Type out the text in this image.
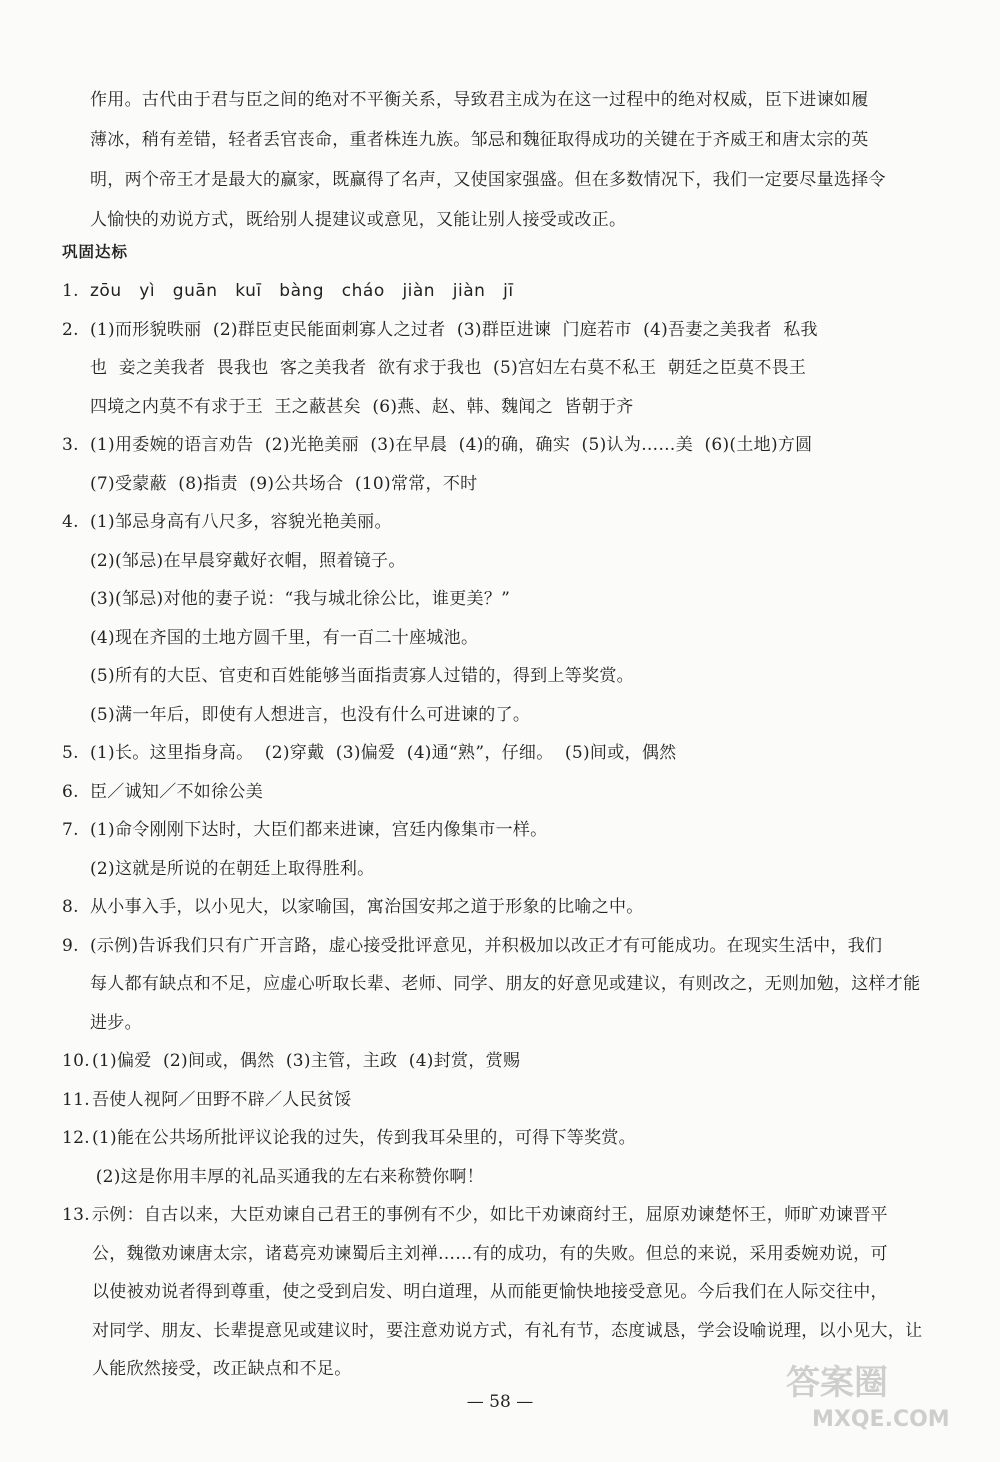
作用。古代由于君与臣之间的绝对不平衡关系，导致君主成为在这一过程中的绝对权威，臣下进谏如履

薄冰，稍有差错，轻者丢官丧命，重者株连九族。邹忌和魏征取得成功的关键在于齐威王和唐太宗的英

明，两个帝王才是最大的赢家，既赢得了名声，又使国家强盛。但在多数情况下，我们一定要尽量选择令

人愉快的劝说方式，既给别人提建议或意见，又能让别人接受或改正。

巩固达标
1. zōu   yì   guān   kuī   bàng   cháo   jiàn   jiàn   jī
2. (1)而形貌昳丽  (2)群臣吏民能面刺寡人之过者  (3)群臣进谏  门庭若市  (4)吾妻之美我者  私我
也  妾之美我者  畏我也  客之美我者  欲有求于我也  (5)宫妇左右莫不私王  朝廷之臣莫不畏王
四境之内莫不有求于王  王之蔽甚矣  (6)燕、赵、韩、魏闻之  皆朝于齐
3. (1)用委婉的语言劝告  (2)光艳美丽  (3)在早晨  (4)的确，确实  (5)认为……美  (6)(土地)方圆
(7)受蒙蔽  (8)指责  (9)公共场合  (10)常常，不时
4. (1)邹忌身高有八尺多，容貌光艳美丽。
(2)(邹忌)在早晨穿戴好衣帽，照着镜子。
(3)(邹忌)对他的妻子说：“我与城北徐公比，谁更美？”
(4)现在齐国的土地方圆千里，有一百二十座城池。
(5)所有的大臣、官吏和百姓能够当面指责寡人过错的，得到上等奖赏。
(5)满一年后，即使有人想进言，也没有什么可进谏的了。
5. (1)长。这里指身高。  (2)穿戴  (3)偏爱  (4)通“熟”，仔细。  (5)间或，偶然
6. 臣／诚知／不如徐公美
7. (1)命令刚刚下达时，大臣们都来进谏，宫廷内像集市一样。
(2)这就是所说的在朝廷上取得胜利。
8. 从小事入手，以小见大，以家喻国，寓治国安邦之道于形象的比喻之中。
9. (示例)告诉我们只有广开言路，虚心接受批评意见，并积极加以改正才有可能成功。在现实生活中，我们
每人都有缺点和不足，应虚心听取长辈、老师、同学、朋友的好意见或建议，有则改之，无则加勉，这样才能
进步。
10. (1)偏爱  (2)间或，偶然  (3)主管，主政  (4)封赏，赏赐
11. 吾使人视阿／田野不辟／人民贫馁
12. (1)能在公共场所批评议论我的过失，传到我耳朵里的，可得下等奖赏。
(2)这是你用丰厚的礼品买通我的左右来称赞你啊！
13. 示例：自古以来，大臣劝谏自己君王的事例有不少，如比干劝谏商纣王，屈原劝谏楚怀王，师旷劝谏晋平
公，魏徵劝谏唐太宗，诸葛亮劝谏蜀后主刘禅……有的成功，有的失败。但总的来说，采用委婉劝说，可
以使被劝说者得到尊重，使之受到启发、明白道理，从而能更愉快地接受意见。今后我们在人际交往中，
对同学、朋友、长辈提意见或建议时，要注意劝说方式，有礼有节，态度诚恳，学会设喻说理，以小见大，让
人能欣然接受，改正缺点和不足。
— 58 —	答案圈
MXQE.COM
